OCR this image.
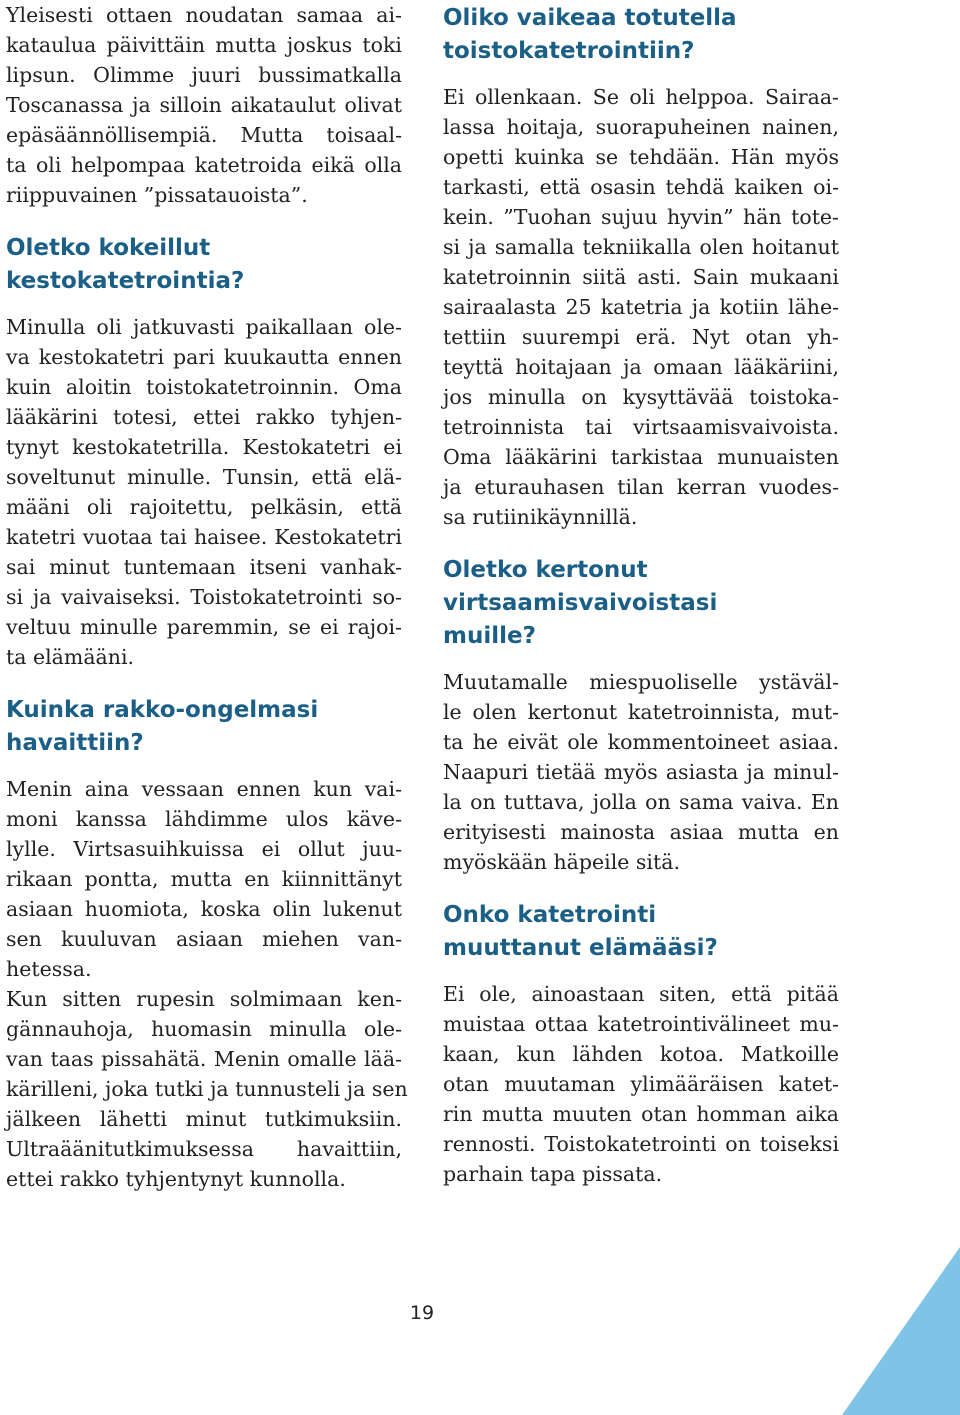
Yleisesti ottaen noudatan samaa ai-
kataulua päivittäin mutta joskus toki
lipsun. Olimme juuri bussimatkalla
Toscanassa ja silloin aikataulut olivat
epäsäännöllisempiä. Mutta toisaal-
ta oli helpompaa katetroida eikä olla
riippuvainen ”pissatauoista”.
Oletko kokeillut
kestokatetrointia?
Minulla oli jatkuvasti paikallaan ole-
va kestokatetri pari kuukautta ennen
kuin aloitin toistokatetroinnin. Oma
lääkärini totesi, ettei rakko tyhjen-
tynyt kestokatetrilla. Kestokatetri ei
soveltunut minulle. Tunsin, että elä-
määni oli rajoitettu, pelkäsin, että
katetri vuotaa tai haisee. Kestokatetri
sai minut tuntemaan itseni vanhak-
si ja vaivaiseksi. Toistokatetrointi so-
veltuu minulle paremmin, se ei rajoi-
ta elämääni.
Kuinka rakko-ongelmasi
havaittiin?
Menin aina vessaan ennen kun vai-
moni kanssa lähdimme ulos käve-
lylle. Virtsasuihkuissa ei ollut juu-
rikaan pontta, mutta en kiinnittänyt
asiaan huomiota, koska olin lukenut
sen kuuluvan asiaan miehen van-
hetessa.
Kun sitten rupesin solmimaan ken-
gännauhoja, huomasin minulla ole-
van taas pissahätä. Menin omalle lää-
kärilleni, joka tutki ja tunnusteli ja sen
jälkeen lähetti minut tutkimuksiin.
Ultraäänitutkimuksessa havaittiin,
ettei rakko tyhjentynyt kunnolla.
Oliko vaikeaa totutella
toistokatetrointiin?
Ei ollenkaan. Se oli helppoa. Sairaa-
lassa hoitaja, suorapuheinen nainen,
opetti kuinka se tehdään. Hän myös
tarkasti, että osasin tehdä kaiken oi-
kein. ”Tuohan sujuu hyvin” hän tote-
si ja samalla tekniikalla olen hoitanut
katetroinnin siitä asti. Sain mukaani
sairaalasta 25 katetria ja kotiin lähe-
tettiin suurempi erä. Nyt otan yh-
teyttä hoitajaan ja omaan lääkäriini,
jos minulla on kysyttävää toistoka-
tetroinnista tai virtsaamisvaivoista.
Oma lääkärini tarkistaa munuaisten
ja eturauhasen tilan kerran vuodes-
sa rutiinikäynnillä.
Oletko kertonut
virtsaamisvaivoistasi
muille?
Muutamalle miespuoliselle ystäväl-
le olen kertonut katetroinnista, mut-
ta he eivät ole kommentoineet asiaa.
Naapuri tietää myös asiasta ja minul-
la on tuttava, jolla on sama vaiva. En
erityisesti mainosta asiaa mutta en
myöskään häpeile sitä.
Onko katetrointi
muuttanut elämääsi?
Ei ole, ainoastaan siten, että pitää
muistaa ottaa katetrointivälineet mu-
kaan, kun lähden kotoa. Matkoille
otan muutaman ylimääräisen katet-
rin mutta muuten otan homman aika
rennosti. Toistokatetrointi on toiseksi
parhain tapa pissata.
19
